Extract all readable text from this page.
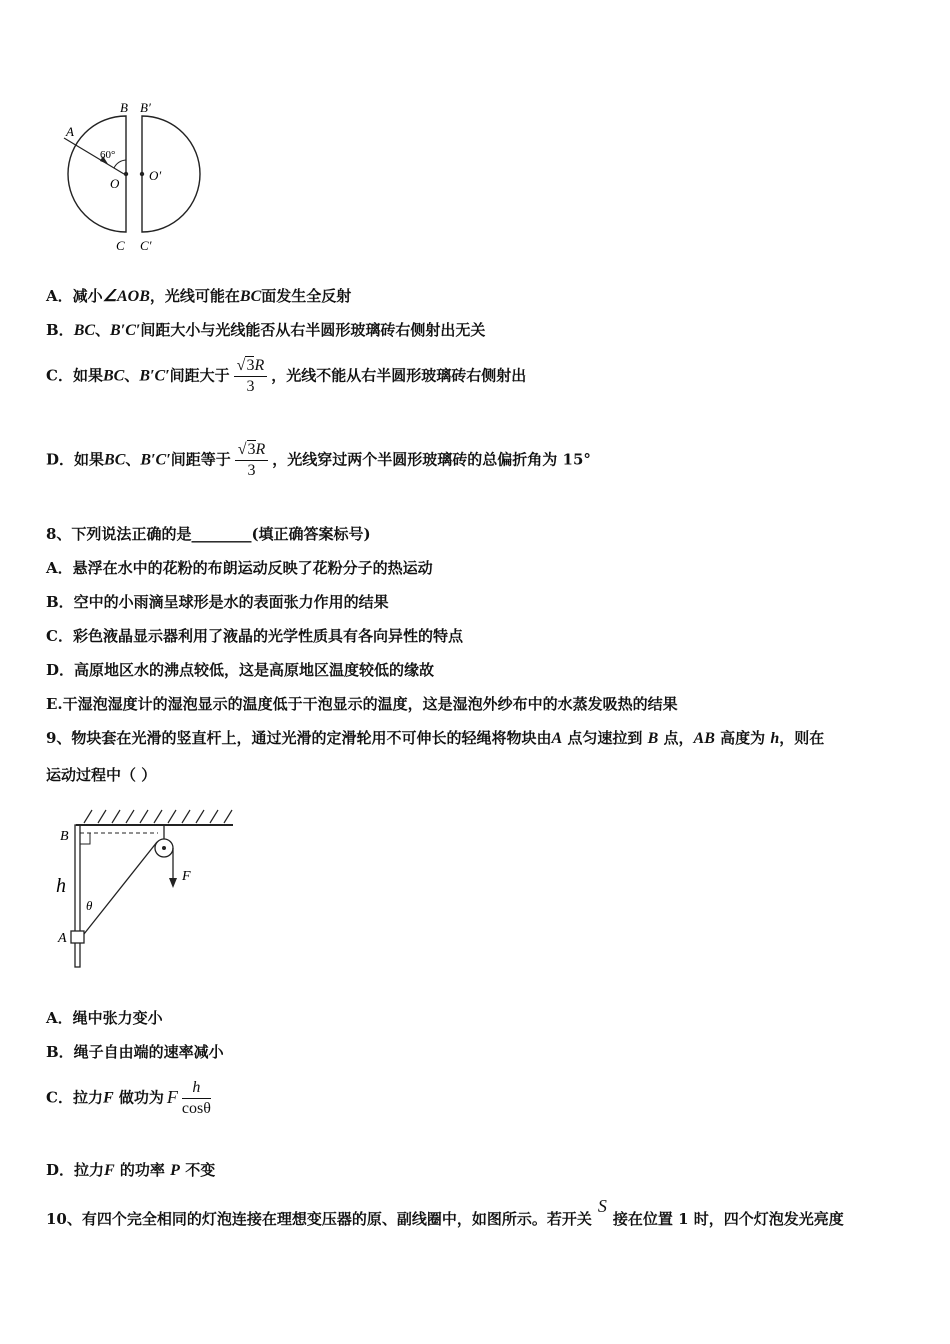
A
B B′
O
O′
C C′
60°
A．减小∠AOB，光线可能在BC面发生全反射
B．BC、B′C′间距大小与光线能否从右半圆形玻璃砖右侧射出无关
C．如果BC、B′C′间距大于 $\frac{√3R}{3}$ ，光线不能从右半圆形玻璃砖右侧射出
D．如果BC、B′C′间距等于 $\frac{√3R}{3}$ ，光线穿过两个半圆形玻璃砖的总偏折角为 15°
8、下列说法正确的是________(填正确答案标号)
A．悬浮在水中的花粉的布朗运动反映了花粉分子的热运动
B．空中的小雨滴呈球形是水的表面张力作用的结果
C．彩色液晶显示器利用了液晶的光学性质具有各向异性的特点
D．高原地区水的沸点较低，这是高原地区温度较低的缘故
E.干湿泡湿度计的湿泡显示的温度低于干泡显示的温度，这是湿泡外纱布中的水蒸发吸热的结果
9、物块套在光滑的竖直杆上，通过光滑的定滑轮用不可伸长的轻绳将物块由A 点匀速拉到 B 点，AB 高度为 h，则在
运动过程中（ ）
B
h
θ
A
F
A．绳中张力变小
B．绳子自由端的速率减小
C．拉力F 做功为 F $\frac{h}{\cos\theta}$
D．拉力F 的功率 P 不变
10、有四个完全相同的灯泡连接在理想变压器的原、副线圈中，如图所示。若开关S接在位置 1 时，四个灯泡发光亮度
